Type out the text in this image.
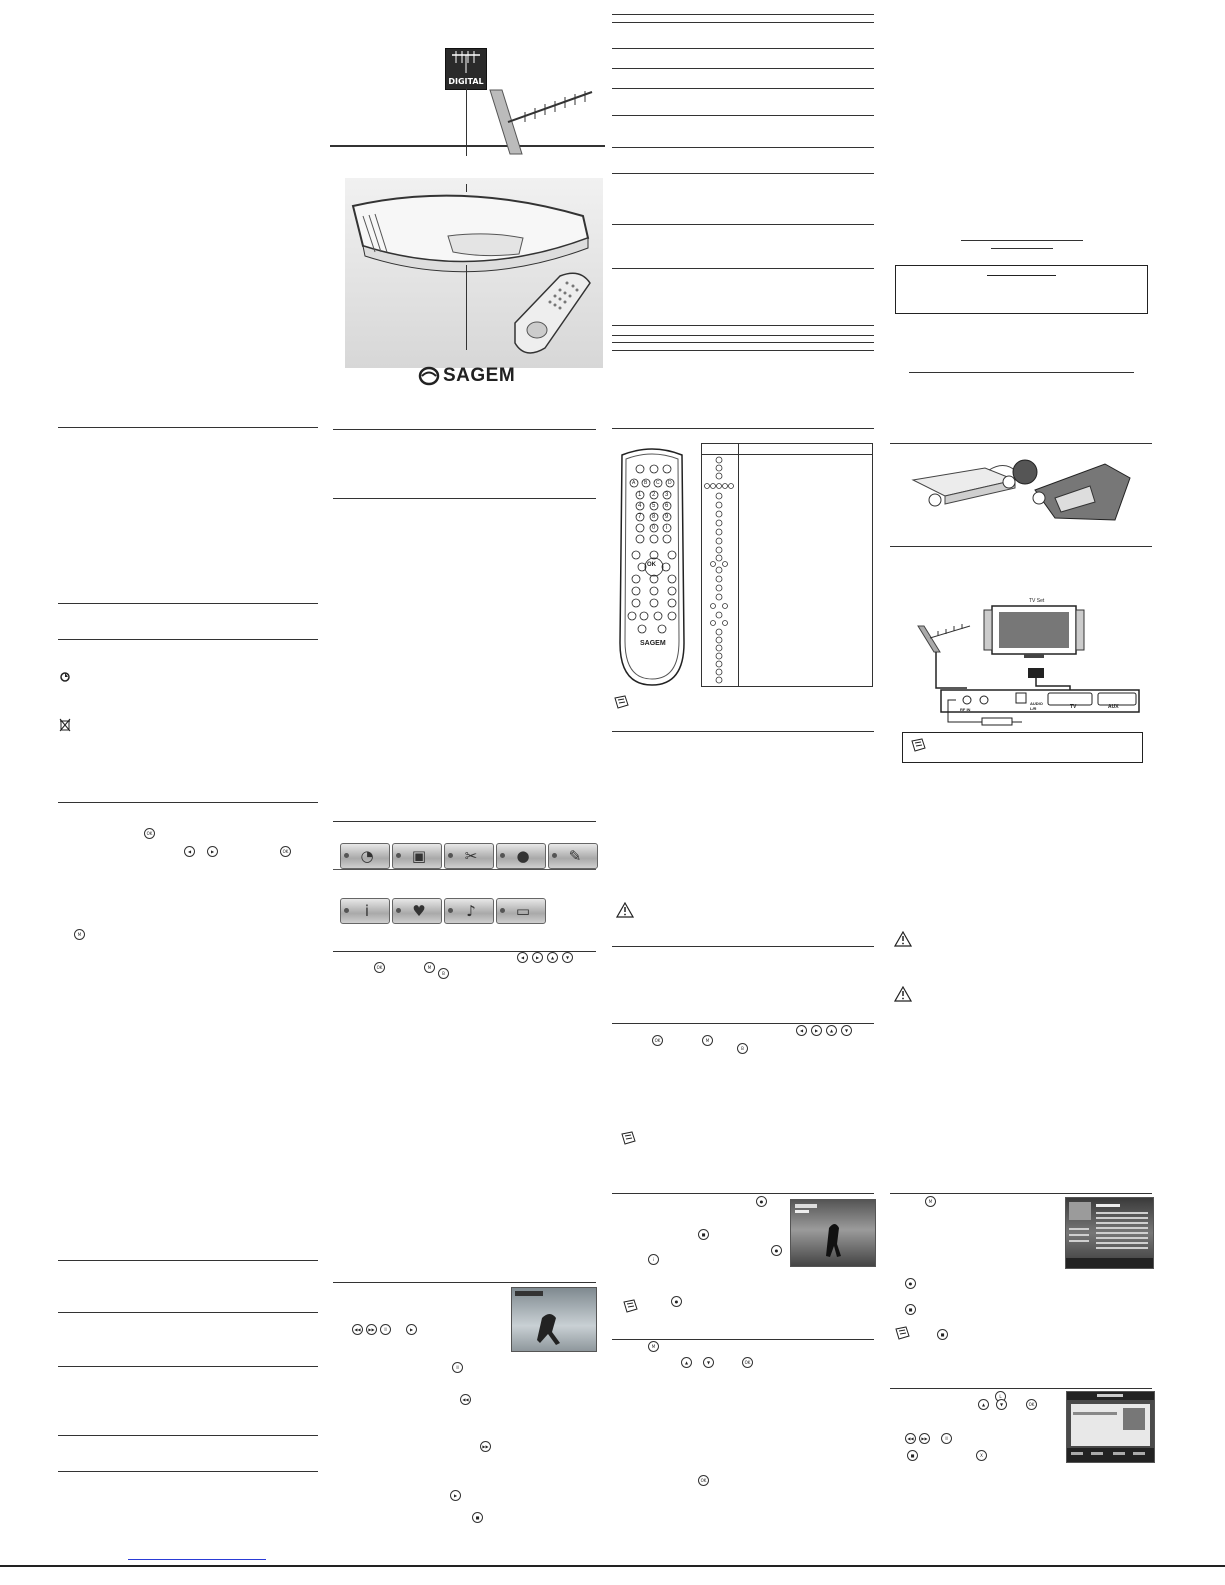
OK
◀	▶	OK
M
DIGITAL
SAGEM
◔	▣	✂	●	✎
i	♥	♪	▭
◀	▶	▲	▼
OK	M
B
◀◀	▶▶	II	▶
II
◀◀
▶▶
▶
■
OK
A B C D
1 2 3
4 5 6
7 8 9
0 i
SAGEM
◀	▶	▲	▼
OK	M
B
●
■
●
i
●
M
▲	▼	OK
OK
TV Set
RF IN
AUDIO L/R	TV	AUX
M
●
■
■
L
▲	▼	OK
◀◀	▶▶	II
■	X
